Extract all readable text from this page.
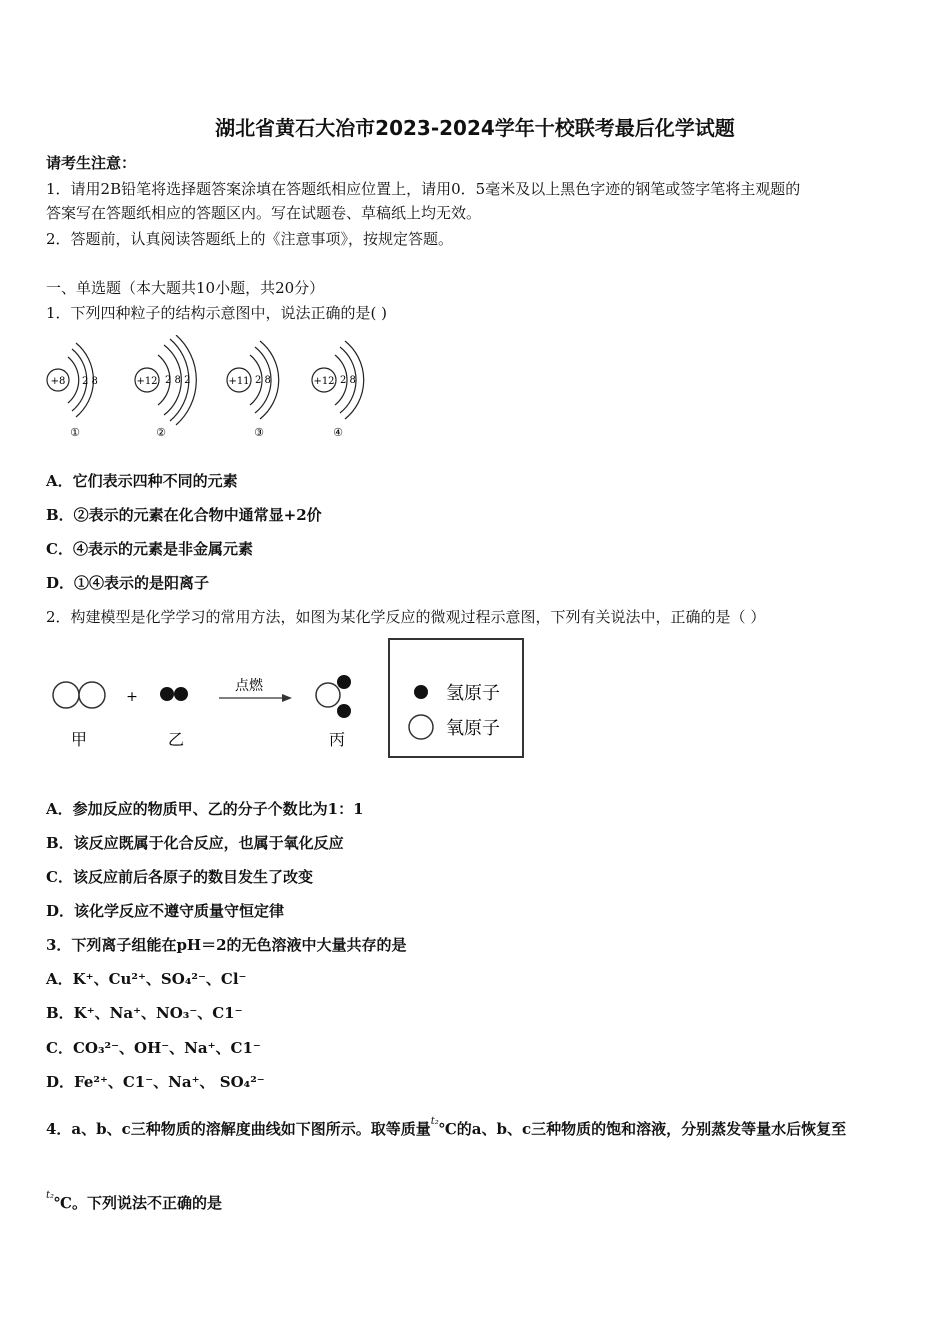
湖北省黄石大冶市2023-2024学年十校联考最后化学试题
请考生注意：
1．请用2B铅笔将选择题答案涂填在答题纸相应位置上，请用0．5毫米及以上黑色字迹的钢笔或签字笔将主观题的
答案写在答题纸相应的答题区内。写在试题卷、草稿纸上均无效。
2．答题前，认真阅读答题纸上的《注意事项》，按规定答题。
一、单选题（本大题共10小题，共20分）
1．下列四种粒子的结构示意图中，说法正确的是( )
+8 2 8
①
+12 2 8 2
②
+11 2 8
③
+12 2 8
④
A．它们表示四种不同的元素
B．②表示的元素在化合物中通常显+2价
C．④表示的元素是非金属元素
D．①④表示的是阳离子
2．构建模型是化学学习的常用方法，如图为某化学反应的微观过程示意图，下列有关说法中，正确的是（ ）
+
点燃
甲	乙	丙
氢原子
氧原子
A．参加反应的物质甲、乙的分子个数比为1：1
B．该反应既属于化合反应，也属于氧化反应
C．该反应前后各原子的数目发生了改变
D．该化学反应不遵守质量守恒定律
3．下列离子组能在pH＝2的无色溶液中大量共存的是
A．K⁺、Cu²⁺、SO₄²⁻、Cl⁻
B．K⁺、Na⁺、NO₃⁻、C1⁻
C．CO₃²⁻、OH⁻、Na⁺、C1⁻
D．Fe²⁺、C1⁻、Na⁺、 SO₄²⁻
4．a、b、c三种物质的溶解度曲线如下图所示。取等质量$^{t_2}$℃的a、b、c三种物质的饱和溶液，分别蒸发等量水后恢复至
$^{t_2}$℃。下列说法不正确的是
